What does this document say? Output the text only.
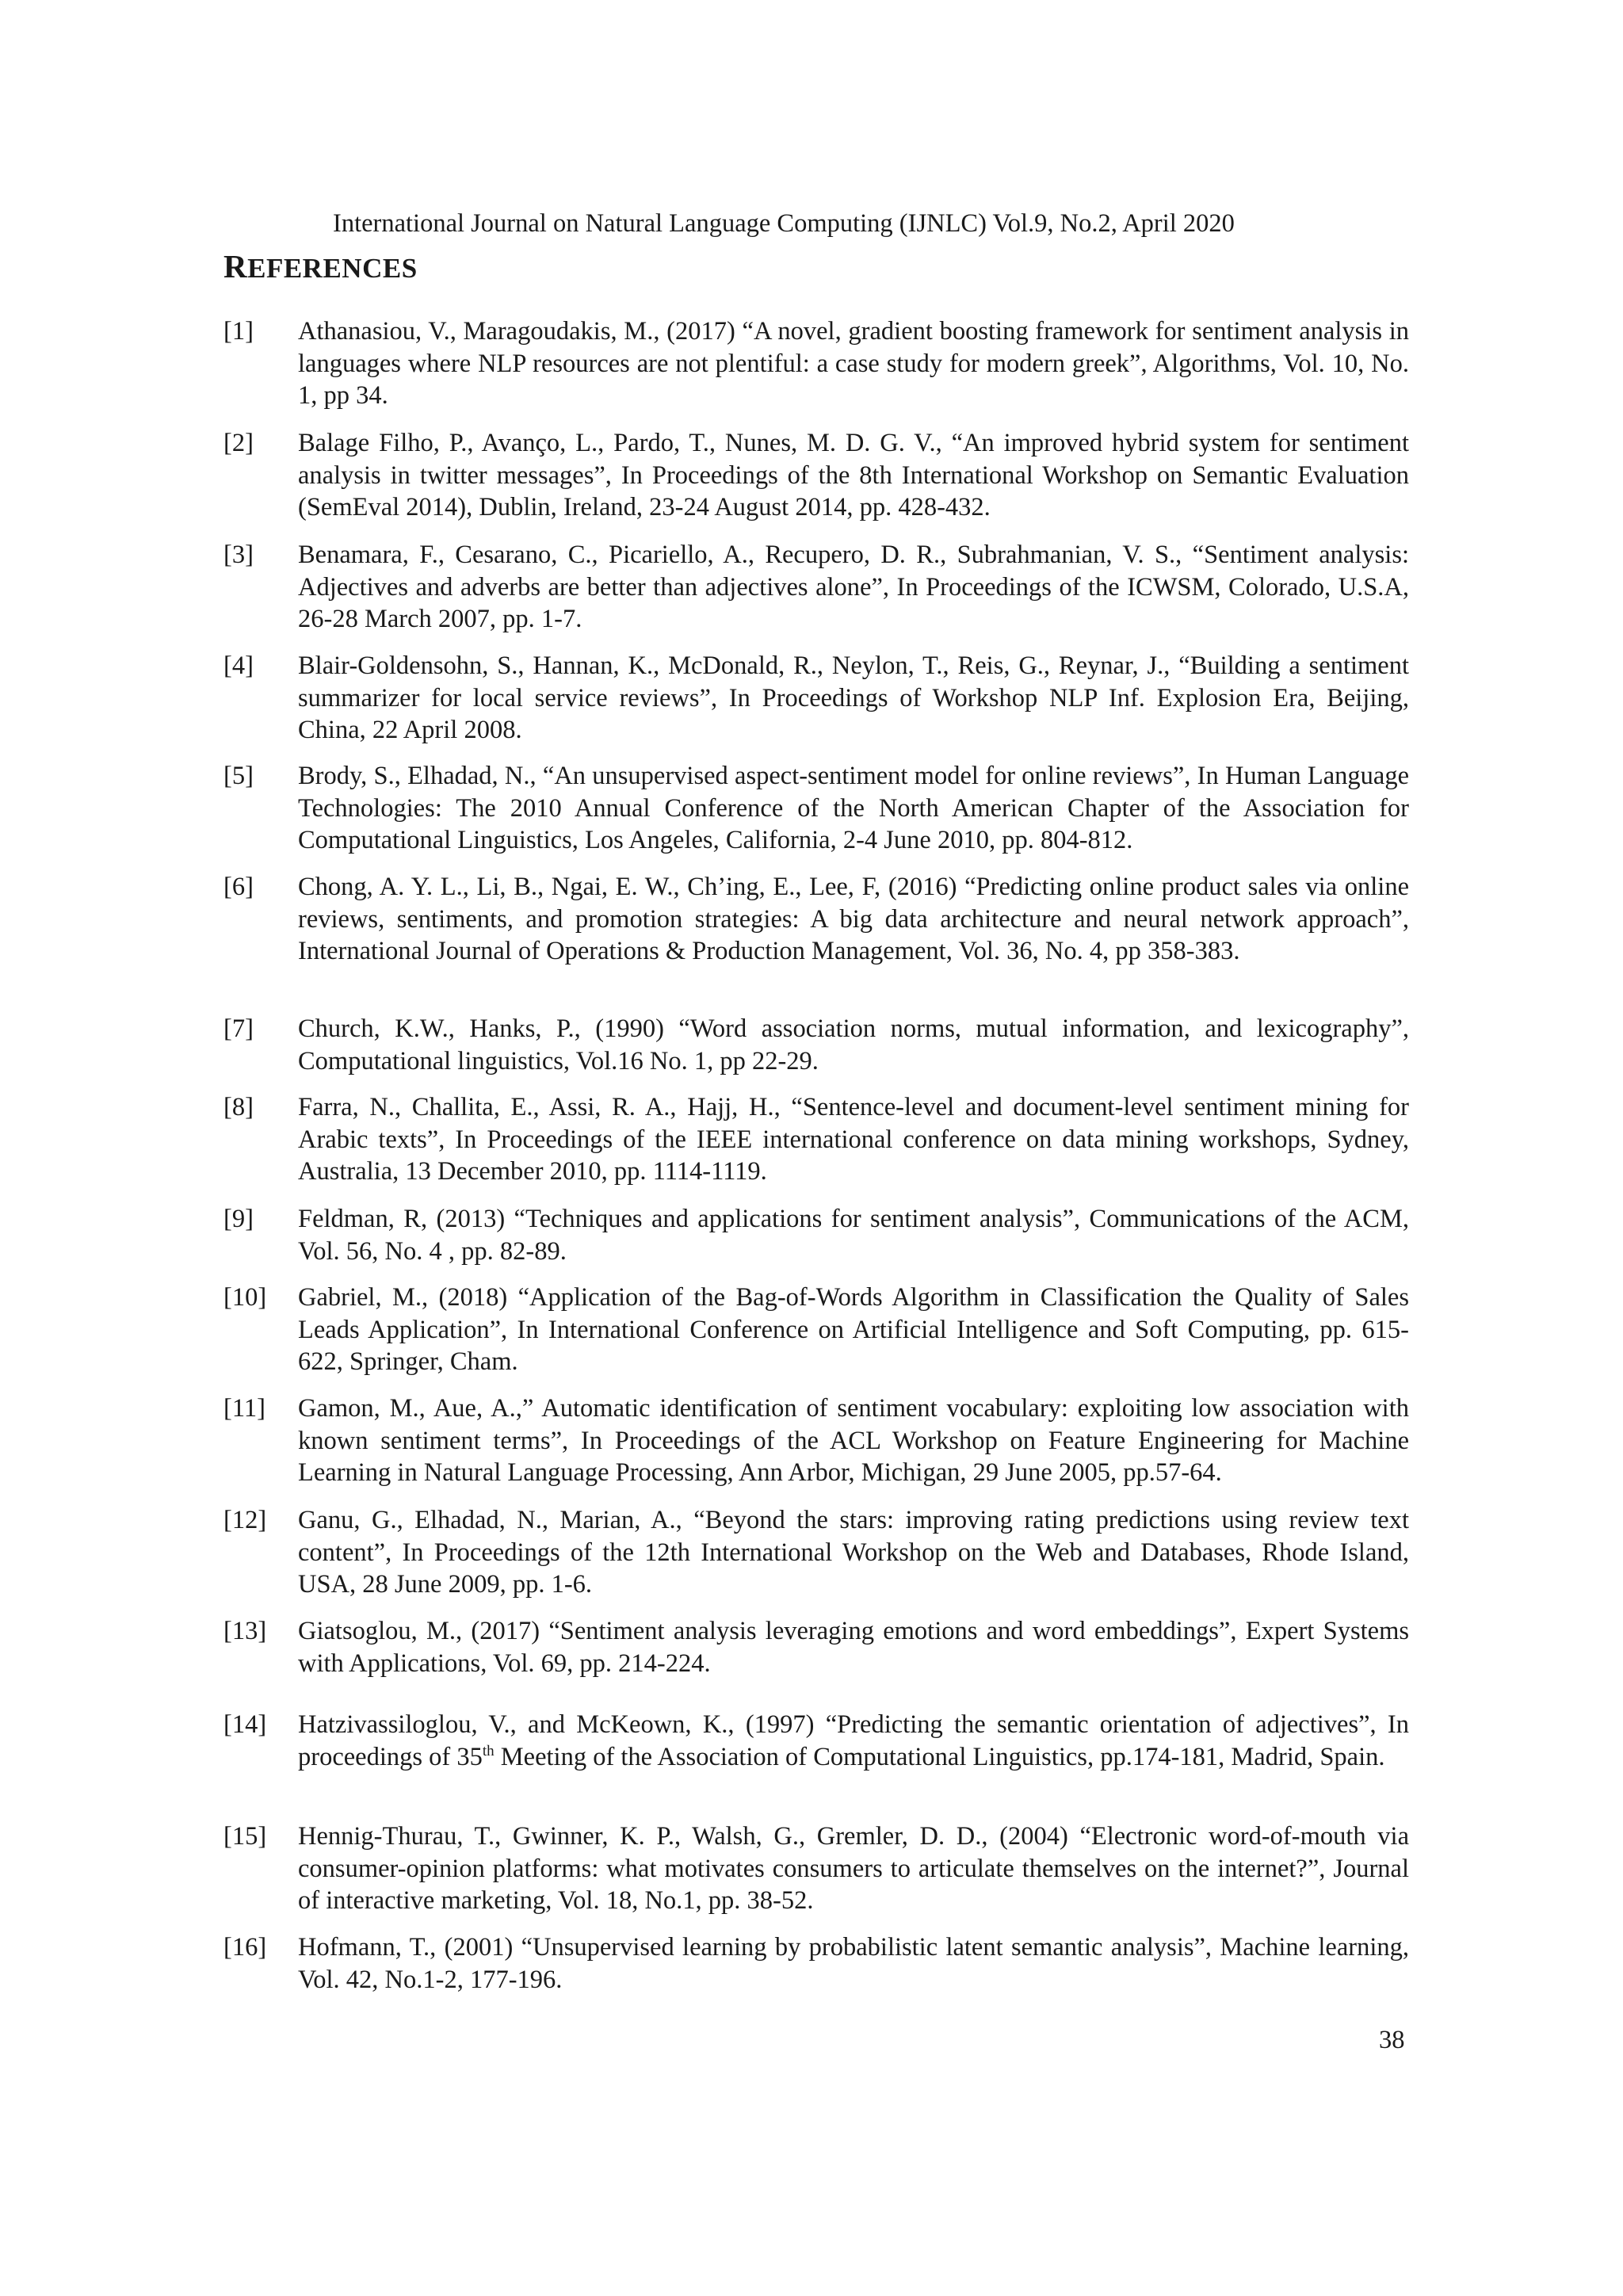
International Journal on Natural Language Computing (IJNLC) Vol.9, No.2, April 2020
REFERENCES
[1] Athanasiou, V., Maragoudakis, M., (2017) “A novel, gradient boosting framework for sentiment analysis in languages where NLP resources are not plentiful: a case study for modern greek”, Algorithms, Vol. 10, No. 1, pp 34.
[2] Balage Filho, P., Avanço, L., Pardo, T., Nunes, M. D. G. V., “An improved hybrid system for sentiment analysis in twitter messages”, In Proceedings of the 8th International Workshop on Semantic Evaluation (SemEval 2014), Dublin, Ireland, 23-24 August 2014, pp. 428-432.
[3] Benamara, F., Cesarano, C., Picariello, A., Recupero, D. R., Subrahmanian, V. S., “Sentiment analysis: Adjectives and adverbs are better than adjectives alone”, In Proceedings of the ICWSM, Colorado, U.S.A, 26-28 March 2007, pp. 1-7.
[4] Blair-Goldensohn, S., Hannan, K., McDonald, R., Neylon, T., Reis, G., Reynar, J., “Building a sentiment summarizer for local service reviews”, In Proceedings of Workshop NLP Inf. Explosion Era, Beijing, China, 22 April 2008.
[5] Brody, S., Elhadad, N., “An unsupervised aspect-sentiment model for online reviews”, In Human Language Technologies: The 2010 Annual Conference of the North American Chapter of the Association for Computational Linguistics, Los Angeles, California, 2-4 June 2010, pp. 804-812.
[6] Chong, A. Y. L., Li, B., Ngai, E. W., Ch’ing, E., Lee, F, (2016) “Predicting online product sales via online reviews, sentiments, and promotion strategies: A big data architecture and neural network approach”, International Journal of Operations & Production Management, Vol. 36, No. 4, pp 358-383.
[7] Church, K.W., Hanks, P., (1990) “Word association norms, mutual information, and lexicography”, Computational linguistics, Vol.16 No. 1, pp 22-29.
[8] Farra, N., Challita, E., Assi, R. A., Hajj, H., “Sentence-level and document-level sentiment mining for Arabic texts”, In Proceedings of the IEEE international conference on data mining workshops, Sydney, Australia, 13 December 2010, pp. 1114-1119.
[9] Feldman, R, (2013) “Techniques and applications for sentiment analysis”, Communications of the ACM, Vol. 56, No. 4 , pp. 82-89.
[10] Gabriel, M., (2018) “Application of the Bag-of-Words Algorithm in Classification the Quality of Sales Leads Application”, In International Conference on Artificial Intelligence and Soft Computing, pp. 615-622, Springer, Cham.
[11] Gamon, M., Aue, A.,” Automatic identification of sentiment vocabulary: exploiting low association with known sentiment terms”, In Proceedings of the ACL Workshop on Feature Engineering for Machine Learning in Natural Language Processing, Ann Arbor, Michigan, 29 June 2005, pp.57-64.
[12] Ganu, G., Elhadad, N., Marian, A., “Beyond the stars: improving rating predictions using review text content”, In Proceedings of the 12th International Workshop on the Web and Databases, Rhode Island, USA, 28 June 2009, pp. 1-6.
[13] Giatsoglou, M., (2017) “Sentiment analysis leveraging emotions and word embeddings”, Expert Systems with Applications, Vol. 69, pp. 214-224.
[14] Hatzivassiloglou, V., and McKeown, K., (1997) “Predicting the semantic orientation of adjectives”, In proceedings of 35th Meeting of the Association of Computational Linguistics, pp.174-181, Madrid, Spain.
[15] Hennig-Thurau, T., Gwinner, K. P., Walsh, G., Gremler, D. D., (2004) “Electronic word-of-mouth via consumer-opinion platforms: what motivates consumers to articulate themselves on the internet?”, Journal of interactive marketing, Vol. 18, No.1, pp. 38-52.
[16] Hofmann, T., (2001) “Unsupervised learning by probabilistic latent semantic analysis”, Machine learning, Vol. 42, No.1-2, 177-196.
38
